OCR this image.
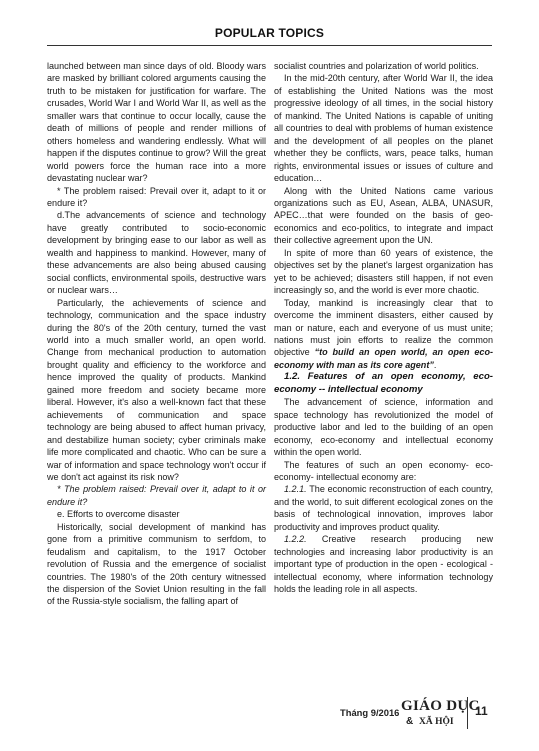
POPULAR TOPICS

launched between man since days of old. Bloody wars are masked by brilliant colored arguments causing the truth to be mistaken for justification for warfare. The crusades, World War I and World War II, as well as the smaller wars that continue to occur locally, cause the death of millions of people and render millions of others homeless and wandering endlessly. What will happen if the disputes continue to grow? Will the great world powers force the human race into a more devastating nuclear war?

* The problem raised: Prevail over it, adapt to it or endure it?

d.The advancements of science and technology have greatly contributed to socio-economic development by bringing ease to our labor as well as wealth and happiness to mankind. However, many of these advancements are also being abused causing social conflicts, environmental spoils, destructive wars or nuclear wars…

Particularly, the achievements of science and technology, communication and the space industry during the 80's of the 20th century, turned the vast world into a much smaller world, an open world. Change from mechanical production to automation brought quality and efficiency to the workforce and hence improved the quality of products. Mankind gained more freedom and society became more liberal. However, it's also a well-known fact that these achievements of communication and space technology are being abused to affect human privacy, and destabilize human society; cyber criminals make life more complicated and chaotic. Who can be sure a war of information and space technology won't occur if we don't act against its risk now?

* The problem raised: Prevail over it, adapt to it or endure it?

e. Efforts to overcome disaster

Historically, social development of mankind has gone from a primitive communism to serfdom, to feudalism and capitalism, to the 1917 October revolution of Russia and the emergence of socialist countries. The 1980's of the 20th century witnessed the dispersion of the Soviet Union resulting in the fall of the Russia-style socialism, the falling apart of

socialist countries and polarization of world politics.

In the mid-20th century, after World War II, the idea of establishing the United Nations was the most progressive ideology of all times, in the social history of mankind. The United Nations is capable of uniting all countries to deal with problems of human existence and the development of all peoples on the planet whether they be conflicts, wars, peace talks, human rights, environmental issues or issues of culture and education…

Along with the United Nations came various organizations such as EU, Asean, ALBA, UNASUR, APEC…that were founded on the basis of geo-economics and eco-politics, to integrate and impact their collective agreement upon the UN.

In spite of more than 60 years of existence, the objectives set by the planet's largest organization has yet to be achieved; disasters still happen, if not even increasingly so, and the world is ever more chaotic.

Today, mankind is increasingly clear that to overcome the imminent disasters, either caused by man or nature, each and everyone of us must unite; nations must join efforts to realize the common objective “to build an open world, an open eco-economy with man as its core agent”.

1.2. Features of an open economy, eco-economy -- intellectual economy

The advancement of science, information and space technology has revolutionized the model of productive labor and led to the building of an open economy, eco-economy and intellectual economy within the open world.

The features of such an open economy- eco-economy- intellectual economy are:

1.2.1. The economic reconstruction of each country, and the world, to suit different ecological zones on the basis of technological innovation, improves labor productivity and improves product quality.

1.2.2. Creative research producing new technologies and increasing labor productivity is an important type of production in the open - ecological - intellectual economy, where information technology holds the leading role in all aspects.

Tháng 9/2016 GIÁO DỤC
& XÃ HỘI
11
